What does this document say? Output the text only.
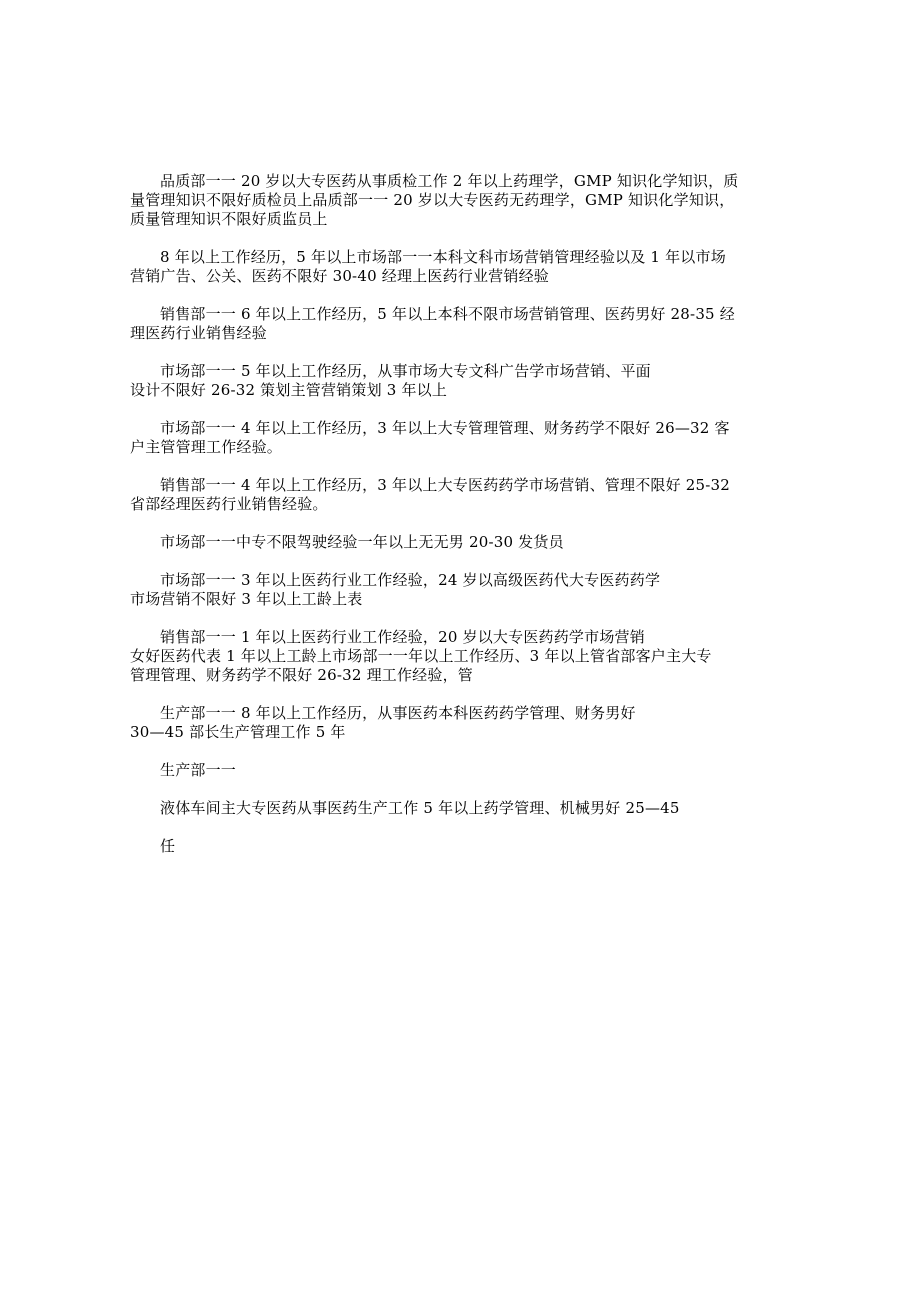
品质部一一 20 岁以大专医药从事质检工作 2 年以上药理学，GMP 知识化学知识，质

量管理知识不限好质检员上品质部一一 20 岁以大专医药无药理学，GMP 知识化学知识，

质量管理知识不限好质监员上

8 年以上工作经历，5 年以上市场部一一本科文科市场营销管理经验以及 1 年以市场

营销广告、公关、医药不限好 30-40 经理上医药行业营销经验

销售部一一 6 年以上工作经历，5 年以上本科不限市场营销管理、医药男好 28-35 经

理医药行业销售经验

市场部一一 5 年以上工作经历，从事市场大专文科广告学市场营销、平面

设计不限好 26-32 策划主管营销策划 3 年以上

市场部一一 4 年以上工作经历，3 年以上大专管理管理、财务药学不限好 26—32 客

户主管管理工作经验。

销售部一一 4 年以上工作经历，3 年以上大专医药药学市场营销、管理不限好 25-32

省部经理医药行业销售经验。

市场部一一中专不限驾驶经验一年以上无无男 20-30 发货员

市场部一一 3 年以上医药行业工作经验，24 岁以高级医药代大专医药药学

市场营销不限好 3 年以上工龄上表

销售部一一 1 年以上医药行业工作经验，20 岁以大专医药药学市场营销

女好医药代表 1 年以上工龄上市场部一一年以上工作经历、3 年以上管省部客户主大专

管理管理、财务药学不限好 26-32 理工作经验，管

生产部一一 8 年以上工作经历，从事医药本科医药药学管理、财务男好

30—45 部长生产管理工作 5 年

生产部一一

液体车间主大专医药从事医药生产工作 5 年以上药学管理、机械男好 25—45

任
